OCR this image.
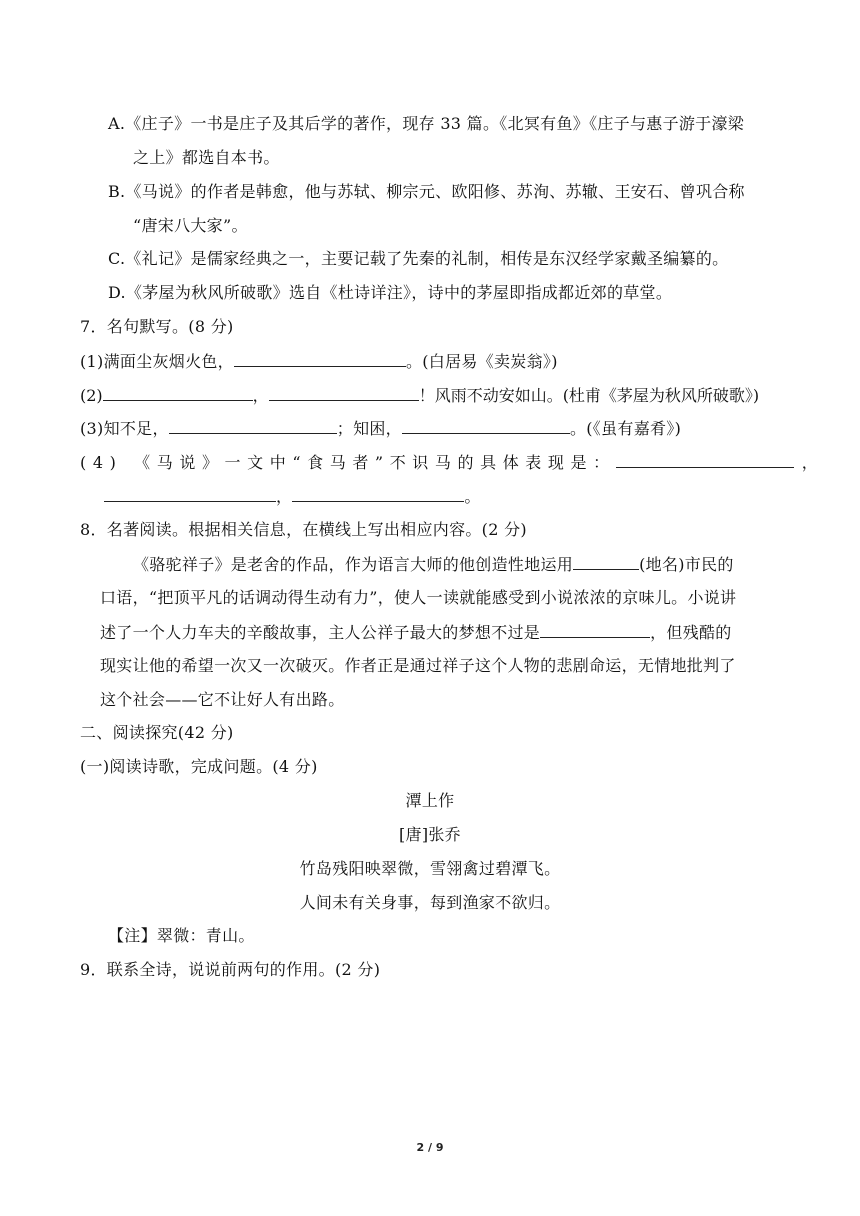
A.《庄子》一书是庄子及其后学的著作，现存 33 篇。《北冥有鱼》《庄子与惠子游于濠梁
之上》都选自本书。
B.《马说》的作者是韩愈，他与苏轼、柳宗元、欧阳修、苏洵、苏辙、王安石、曾巩合称
“唐宋八大家”。
C.《礼记》是儒家经典之一，主要记载了先秦的礼制，相传是东汉经学家戴圣编纂的。
D.《茅屋为秋风所破歌》选自《杜诗详注》，诗中的茅屋即指成都近郊的草堂。
7．名句默写。(8 分)
(1)满面尘灰烟火色，	。(白居易《卖炭翁》)
(2)	，	！风雨不动安如山。(杜甫《茅屋为秋风所破歌》)
(3)知不足，	；知困，	。(《虽有嘉肴》)
(4) 《马说》一文中“食马者”不识马的具体表现是：	，
，	。
8．名著阅读。根据相关信息，在横线上写出相应内容。(2 分)
《骆驼祥子》是老舍的作品，作为语言大师的他创造性地运用	(地名)市民的
口语，“把顶平凡的话调动得生动有力”，使人一读就能感受到小说浓浓的京味儿。小说讲
述了一个人力车夫的辛酸故事，主人公祥子最大的梦想不过是	，但残酷的
现实让他的希望一次又一次破灭。作者正是通过祥子这个人物的悲剧命运，无情地批判了
这个社会——它不让好人有出路。
二、阅读探究(42 分)
(一)阅读诗歌，完成问题。(4 分)
潭上作
[唐]张乔
竹岛残阳映翠微，雪翎禽过碧潭飞。
人间未有关身事，每到渔家不欲归。
【注】翠微：青山。
9．联系全诗，说说前两句的作用。(2 分)
2 / 9
